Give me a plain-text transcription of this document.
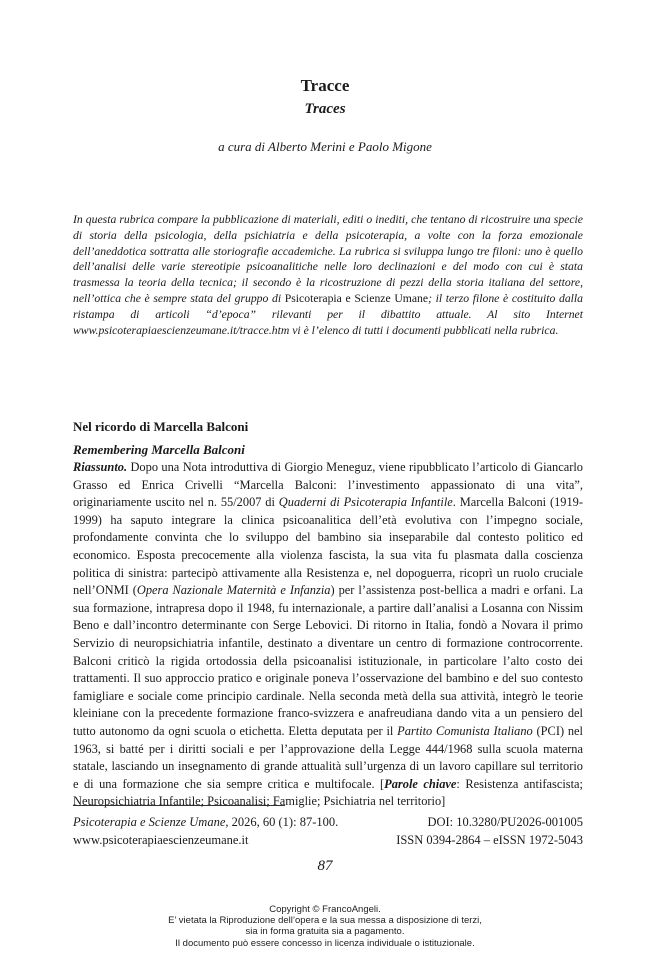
Tracce
Traces
a cura di Alberto Merini e Paolo Migone
In questa rubrica compare la pubblicazione di materiali, editi o inediti, che tentano di ricostruire una specie di storia della psicologia, della psichiatria e della psicoterapia, a volte con la forza emozionale dell’aneddotica sottratta alle storiografie accademiche. La rubrica si sviluppa lungo tre filoni: uno è quello dell’analisi delle varie stereotipie psicoanalitiche nelle loro declinazioni e del modo con cui è stata trasmessa la teoria della tecnica; il secondo è la ricostruzione di pezzi della storia italiana del settore, nell’ottica che è sempre stata del gruppo di Psicoterapia e Scienze Umane; il terzo filone è costituito dalla ristampa di articoli “d’epoca” rilevanti per il dibattito attuale. Al sito Internet www.psicoterapiaescienzeumane.it/tracce.htm vi è l’elenco di tutti i documenti pubblicati nella rubrica.
Nel ricordo di Marcella Balconi
Remembering Marcella Balconi
Riassunto. Dopo una Nota introduttiva di Giorgio Meneguz, viene ripubblicato l’articolo di Giancarlo Grasso ed Enrica Crivelli “Marcella Balconi: l’investimento appassionato di una vita”, originariamente uscito nel n. 55/2007 di Quaderni di Psicoterapia Infantile. Marcella Balconi (1919-1999) ha saputo integrare la clinica psicoanalitica dell’età evolutiva con l’impegno sociale, profondamente convinta che lo sviluppo del bambino sia inseparabile dal contesto politico ed economico. Esposta precocemente alla violenza fascista, la sua vita fu plasmata dalla coscienza politica di sinistra: partecipò attivamente alla Resistenza e, nel dopoguerra, ricoprì un ruolo cruciale nell’ONMI (Opera Nazionale Maternità e Infanzia) per l’assistenza post-bellica a madri e orfani. La sua formazione, intrapresa dopo il 1948, fu internazionale, a partire dall’analisi a Losanna con Nissim Beno e dall’incontro determinante con Serge Lebovici. Di ritorno in Italia, fondò a Novara il primo Servizio di neuropsichiatria infantile, destinato a diventare un centro di formazione controcorrente. Balconi criticò la rigida ortodossia della psicoanalisi istituzionale, in particolare l’alto costo dei trattamenti. Il suo approccio pratico e originale poneva l’osservazione del bambino e del suo contesto famigliare e sociale come principio cardinale. Nella seconda metà della sua attività, integrò le teorie kleiniane con la precedente formazione franco-svizzera e anafreudiana dando vita a un pensiero del tutto autonomo da ogni scuola o etichetta. Eletta deputata per il Partito Comunista Italiano (PCI) nel 1963, si batté per i diritti sociali e per l’approvazione della Legge 444/1968 sulla scuola materna statale, lasciando un insegnamento di grande attualità sull’urgenza di un lavoro capillare sul territorio e di una formazione che sia sempre critica e multifocale. [Parole chiave: Resistenza antifascista; Neuropsichiatria Infantile; Psicoanalisi; Famiglie; Psichiatria nel territorio]
Psicoterapia e Scienze Umane, 2026, 60 (1): 87-100.	DOI: 10.3280/PU2026-001005
www.psicoterapiaescienzeumane.it	ISSN 0394-2864 – eISSN 1972-5043
87
Copyright © FrancoAngeli.
E’ vietata la Riproduzione dell’opera e la sua messa a disposizione di terzi,
sia in forma gratuita sia a pagamento.
Il documento può essere concesso in licenza individuale o istituzionale.
